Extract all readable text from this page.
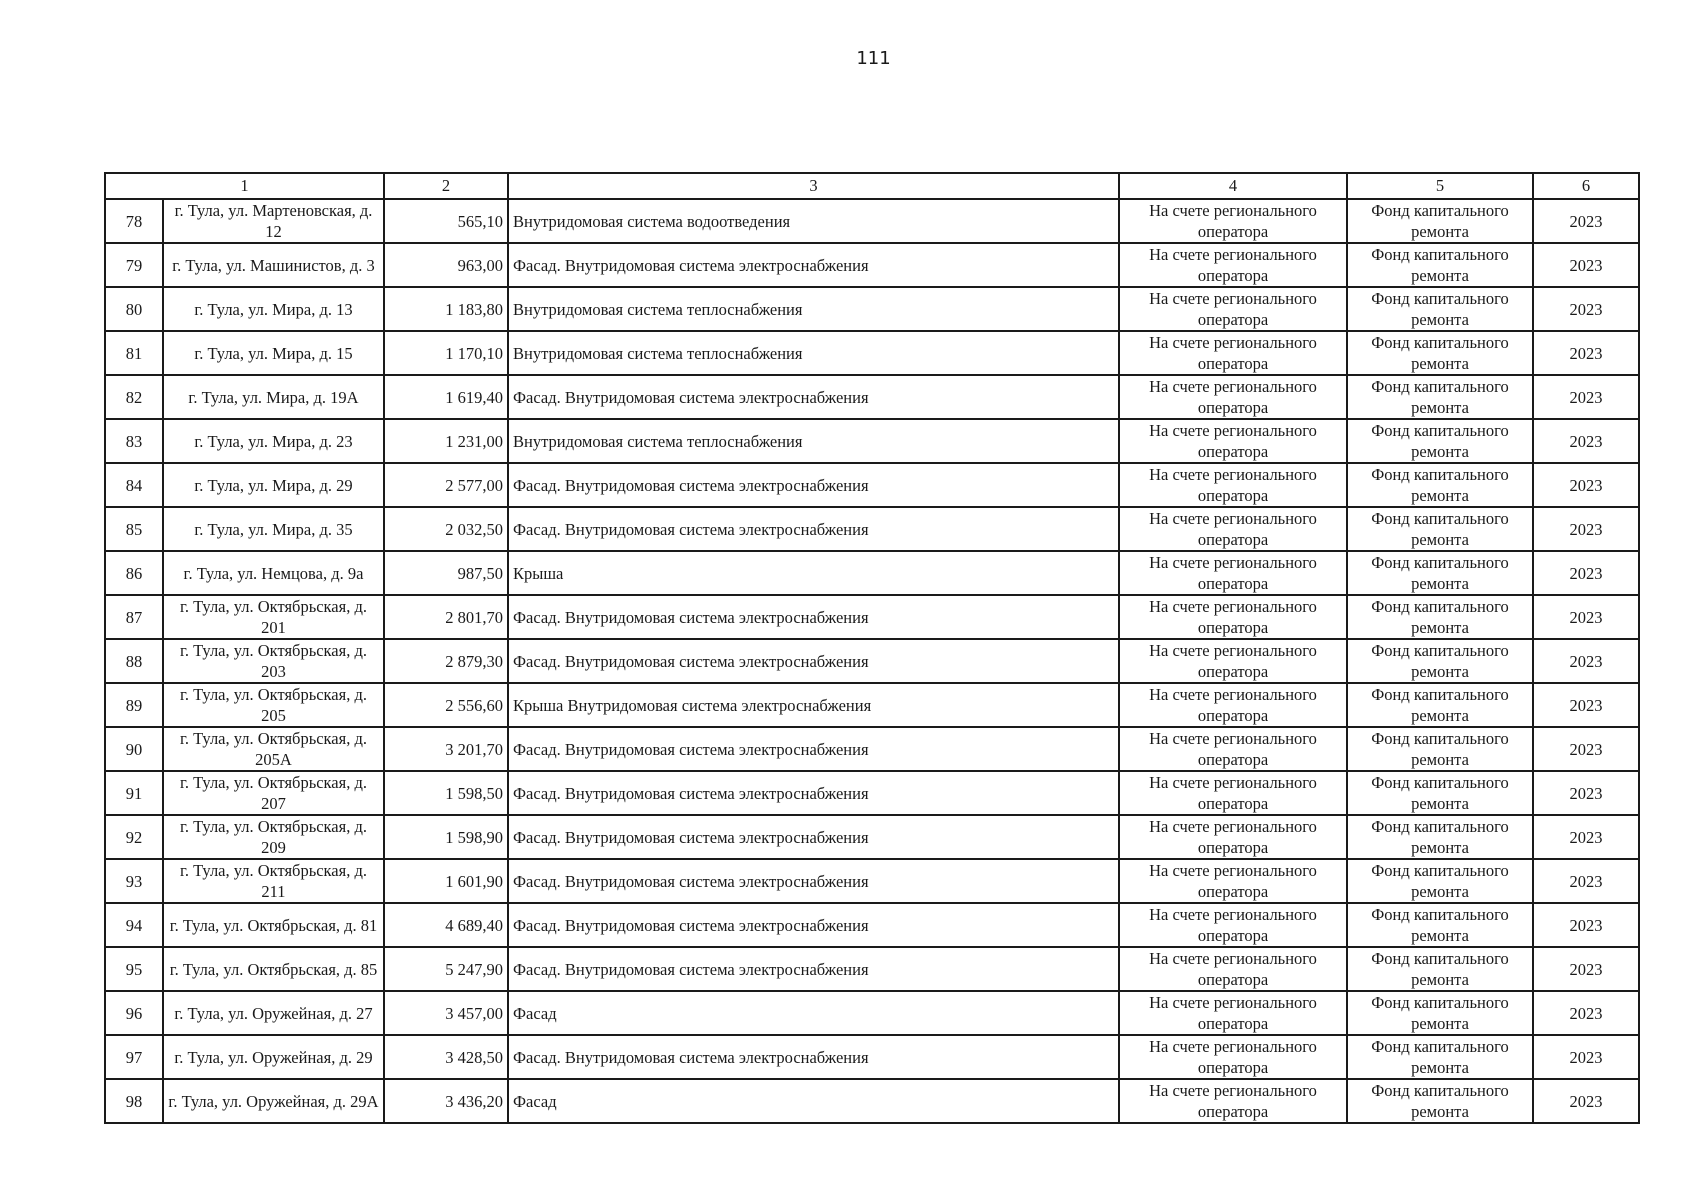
111
1		2	3	4	5	6
78	г. Тула, ул. Мартеновская, д. 12	565,10	Внутридомовая система водоотведения	На счете регионального оператора	Фонд капитального ремонта	2023
79	г. Тула, ул. Машинистов, д. 3	963,00	Фасад. Внутридомовая система электроснабжения	На счете регионального оператора	Фонд капитального ремонта	2023
80	г. Тула, ул. Мира, д. 13	1 183,80	Внутридомовая система теплоснабжения	На счете регионального оператора	Фонд капитального ремонта	2023
81	г. Тула, ул. Мира, д. 15	1 170,10	Внутридомовая система теплоснабжения	На счете регионального оператора	Фонд капитального ремонта	2023
82	г. Тула, ул. Мира, д. 19А	1 619,40	Фасад. Внутридомовая система электроснабжения	На счете регионального оператора	Фонд капитального ремонта	2023
83	г. Тула, ул. Мира, д. 23	1 231,00	Внутридомовая система теплоснабжения	На счете регионального оператора	Фонд капитального ремонта	2023
84	г. Тула, ул. Мира, д. 29	2 577,00	Фасад. Внутридомовая система электроснабжения	На счете регионального оператора	Фонд капитального ремонта	2023
85	г. Тула, ул. Мира, д. 35	2 032,50	Фасад. Внутридомовая система электроснабжения	На счете регионального оператора	Фонд капитального ремонта	2023
86	г. Тула, ул. Немцова, д. 9а	987,50	Крыша	На счете регионального оператора	Фонд капитального ремонта	2023
87	г. Тула, ул. Октябрьская, д. 201	2 801,70	Фасад. Внутридомовая система электроснабжения	На счете регионального оператора	Фонд капитального ремонта	2023
88	г. Тула, ул. Октябрьская, д. 203	2 879,30	Фасад. Внутридомовая система электроснабжения	На счете регионального оператора	Фонд капитального ремонта	2023
89	г. Тула, ул. Октябрьская, д. 205	2 556,60	Крыша Внутридомовая система электроснабжения	На счете регионального оператора	Фонд капитального ремонта	2023
90	г. Тула, ул. Октябрьская, д. 205А	3 201,70	Фасад. Внутридомовая система электроснабжения	На счете регионального оператора	Фонд капитального ремонта	2023
91	г. Тула, ул. Октябрьская, д. 207	1 598,50	Фасад. Внутридомовая система электроснабжения	На счете регионального оператора	Фонд капитального ремонта	2023
92	г. Тула, ул. Октябрьская, д. 209	1 598,90	Фасад. Внутридомовая система электроснабжения	На счете регионального оператора	Фонд капитального ремонта	2023
93	г. Тула, ул. Октябрьская, д. 211	1 601,90	Фасад. Внутридомовая система электроснабжения	На счете регионального оператора	Фонд капитального ремонта	2023
94	г. Тула, ул. Октябрьская, д. 81	4 689,40	Фасад. Внутридомовая система электроснабжения	На счете регионального оператора	Фонд капитального ремонта	2023
95	г. Тула, ул. Октябрьская, д. 85	5 247,90	Фасад. Внутридомовая система электроснабжения	На счете регионального оператора	Фонд капитального ремонта	2023
96	г. Тула, ул. Оружейная, д. 27	3 457,00	Фасад	На счете регионального оператора	Фонд капитального ремонта	2023
97	г. Тула, ул. Оружейная, д. 29	3 428,50	Фасад. Внутридомовая система электроснабжения	На счете регионального оператора	Фонд капитального ремонта	2023
98	г. Тула, ул. Оружейная, д. 29А	3 436,20	Фасад	На счете регионального оператора	Фонд капитального ремонта	2023
